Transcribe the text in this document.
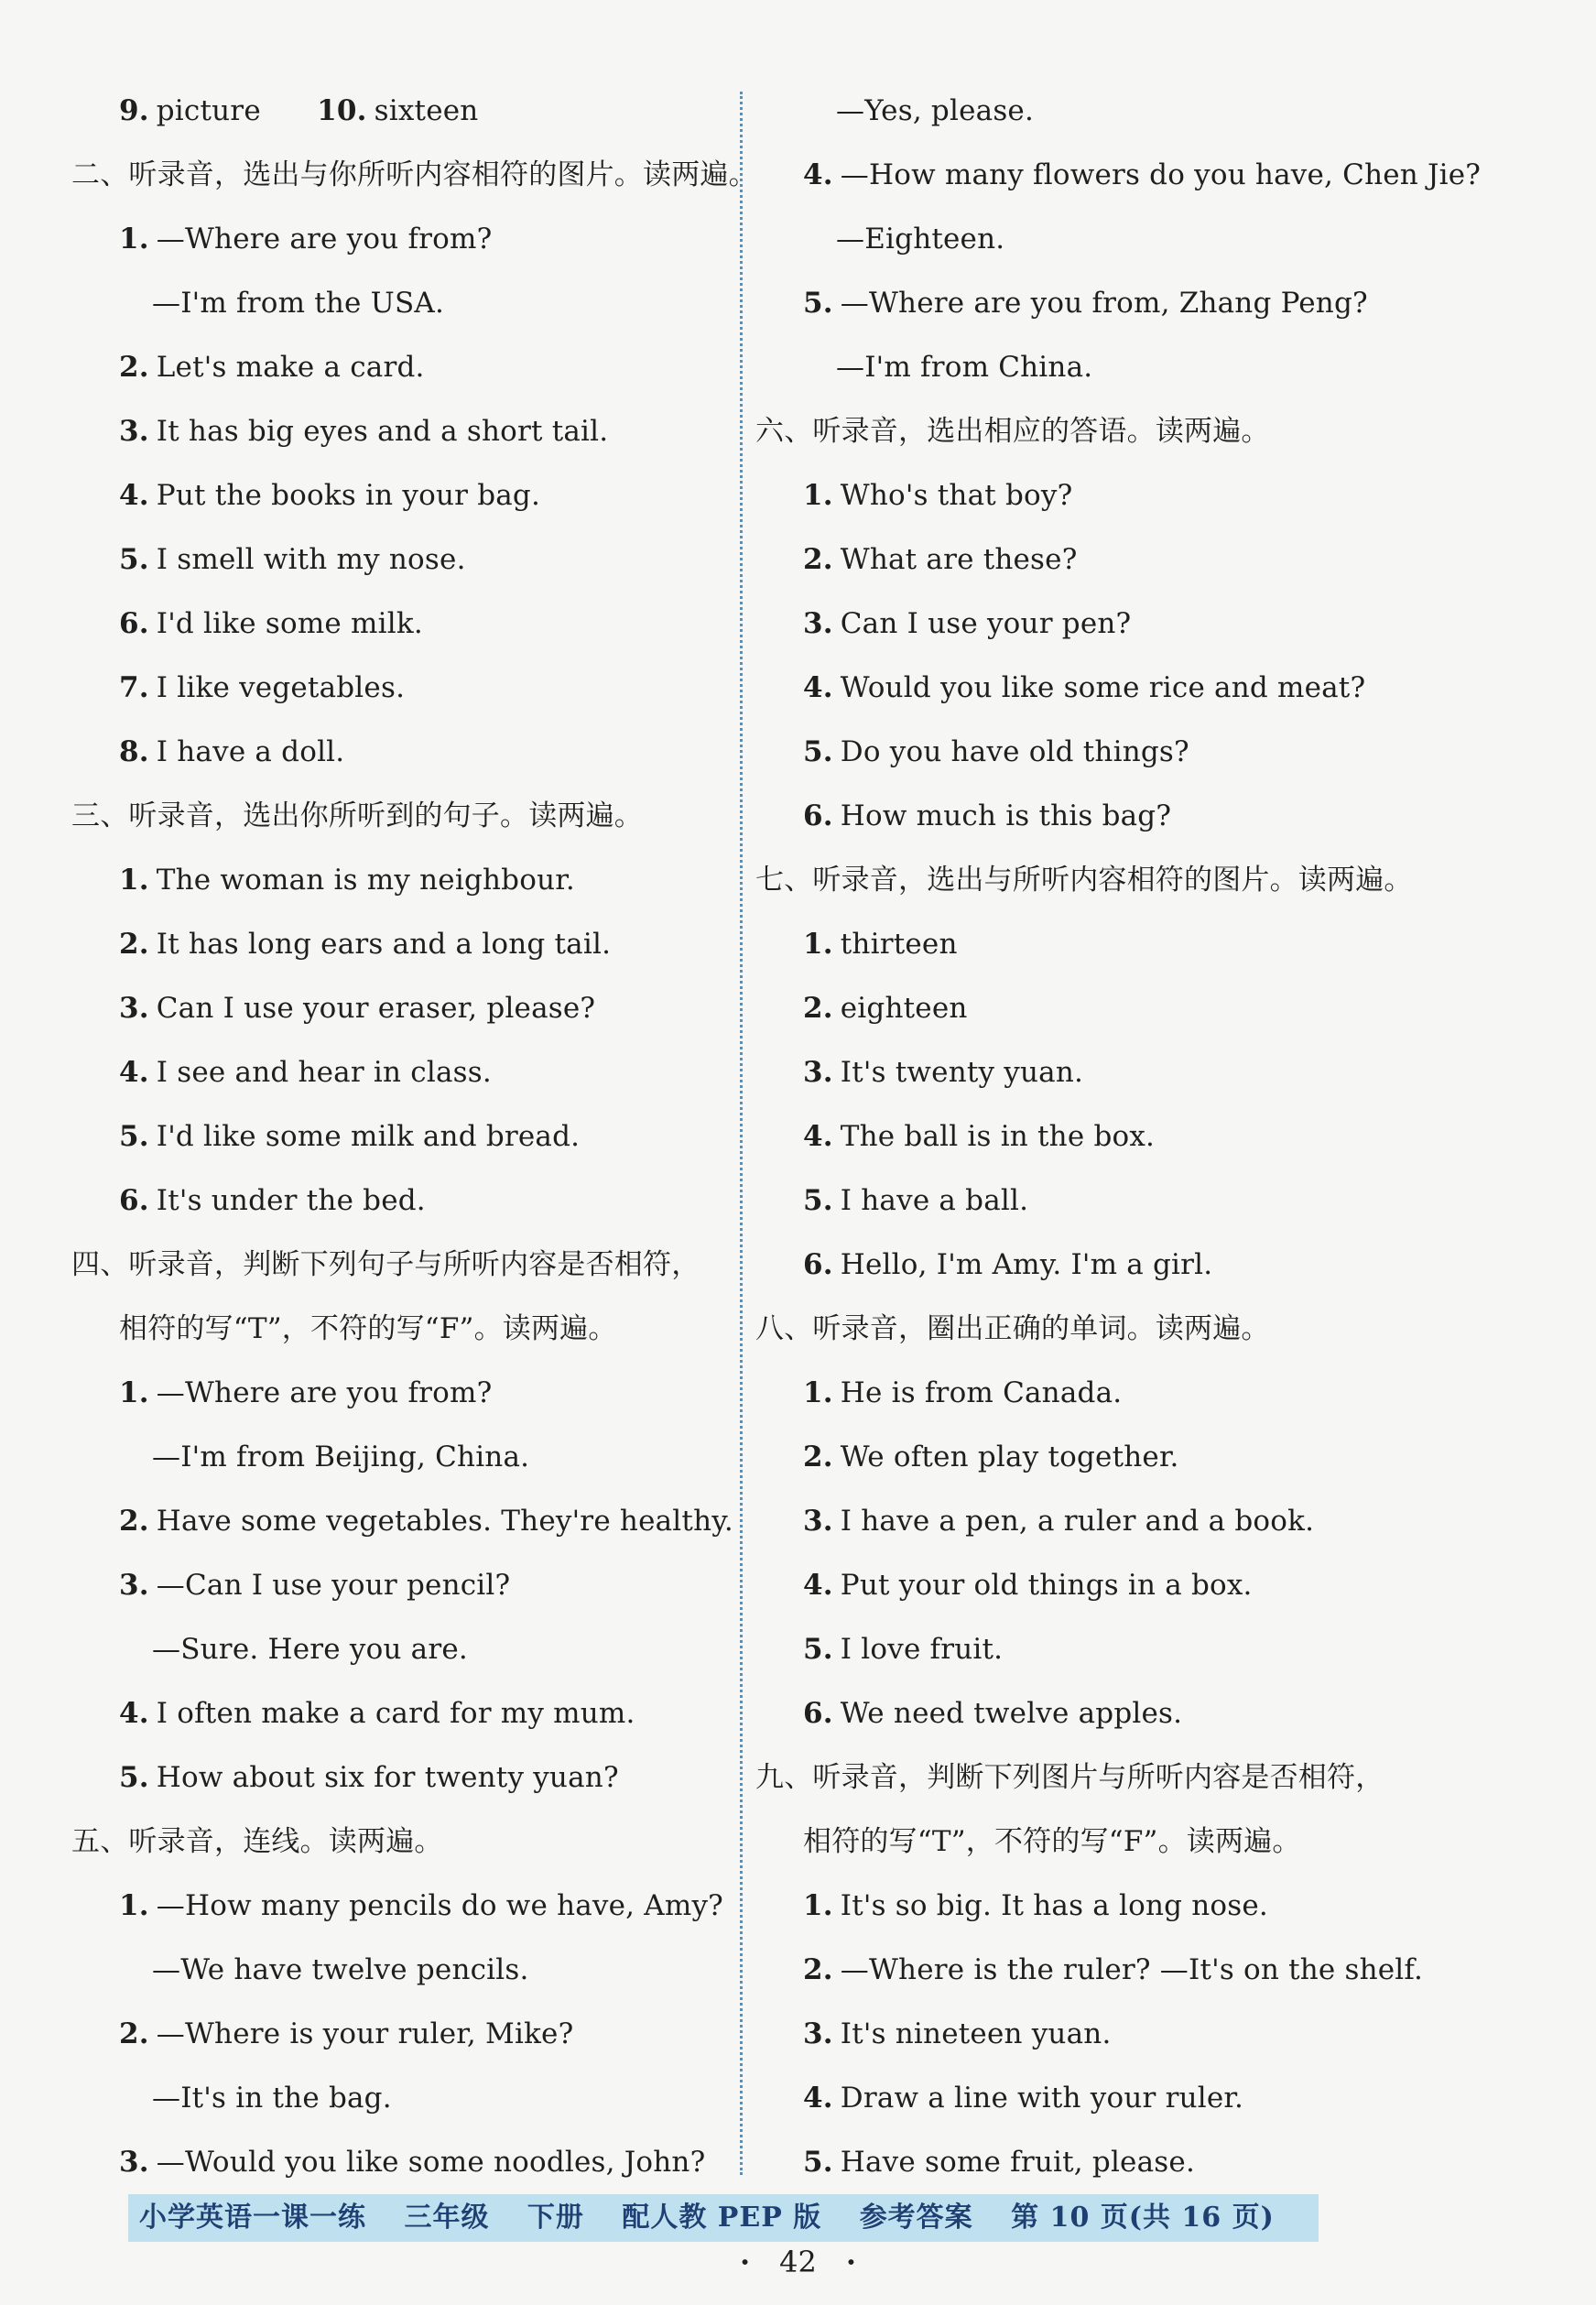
9. picture　10. sixteen
二、听录音，选出与你所听内容相符的图片。读两遍。
1. —Where are you from?
—I'm from the USA.
2. Let's make a card.
3. It has big eyes and a short tail.
4. Put the books in your bag.
5. I smell with my nose.
6. I'd like some milk.
7. I like vegetables.
8. I have a doll.
三、听录音，选出你所听到的句子。读两遍。
1. The woman is my neighbour.
2. It has long ears and a long tail.
3. Can I use your eraser, please?
4. I see and hear in class.
5. I'd like some milk and bread.
6. It's under the bed.
四、听录音，判断下列句子与所听内容是否相符，
相符的写“T”，不符的写“F”。读两遍。
1. —Where are you from?
—I'm from Beijing, China.
2. Have some vegetables. They're healthy.
3. —Can I use your pencil?
—Sure. Here you are.
4. I often make a card for my mum.
5. How about six for twenty yuan?
五、听录音，连线。读两遍。
1. —How many pencils do we have, Amy?
—We have twelve pencils.
2. —Where is your ruler, Mike?
—It's in the bag.
3. —Would you like some noodles, John?
—Yes, please.
4. —How many flowers do you have, Chen Jie?
—Eighteen.
5. —Where are you from, Zhang Peng?
—I'm from China.
六、听录音，选出相应的答语。读两遍。
1. Who's that boy?
2. What are these?
3. Can I use your pen?
4. Would you like some rice and meat?
5. Do you have old things?
6. How much is this bag?
七、听录音，选出与所听内容相符的图片。读两遍。
1. thirteen
2. eighteen
3. It's twenty yuan.
4. The ball is in the box.
5. I have a ball.
6. Hello, I'm Amy. I'm a girl.
八、听录音，圈出正确的单词。读两遍。
1. He is from Canada.
2. We often play together.
3. I have a pen, a ruler and a book.
4. Put your old things in a box.
5. I love fruit.
6. We need twelve apples.
九、听录音，判断下列图片与所听内容是否相符，
相符的写“T”，不符的写“F”。读两遍。
1. It's so big. It has a long nose.
2. —Where is the ruler? —It's on the shelf.
3. It's nineteen yuan.
4. Draw a line with your ruler.
5. Have some fruit, please.
小学英语一课一练 三年级 下册 配人教 PEP 版 参考答案 第 10 页(共 16 页)
· 42 ·
